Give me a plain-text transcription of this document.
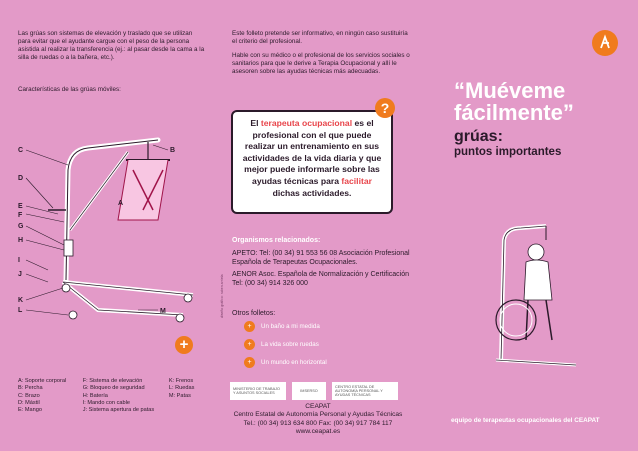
Las grúas son sistemas de elevación y traslado que se utilizan para evitar que el ayudante cargue con el peso de la persona asistida al realizar la transferencia (ej.: al pasar desde la cama a la silla de ruedas o a la bañera, etc.).
Características de las grúas móviles:
C	B
D
E
F
G
H
A
I
J
K
L	M
+
A: Soporte corporal
B: Percha
C: Brazo
D: Mástil
E: Mango
F: Sistema de elevación
G: Bloqueo de seguridad
H: Batería
I: Mando con cable
J: Sistema apertura de patas
K: Frenos
L: Ruedas
M: Patas
Este folleto pretende ser informativo, en ningún caso sustituiría el criterio del profesional.
Hable con su médico o el profesional de los servicios sociales o sanitarios para que le derive a Terapia Ocupacional y allí le asesoren sobre las ayudas técnicas más adecuadas.
?
El terapeuta ocupacional es el profesional con el que puede realizar un entrenamiento en sus actividades de la vida diaria y que mejor puede informarle sobre las ayudas técnicas para facilitar dichas actividades.
Organismos relacionados:

APETO: Tel: (00 34) 91 553 56 08 Asociación Profesional Española de Terapeutas Ocupacionales.

AENOR Asoc. Española de Normalización y Certificación Tel: (00 34) 914 326 000

Otros folletos:
+	Un baño a mi medida
+	La vida sobre ruedas
+	Un mundo en horizontal
diseño gráfico: ruben arrieta
MINISTERIO DE TRABAJO Y ASUNTOS SOCIALES	IMSERSO
CENTRO ESTATAL DE AUTONOMÍA PERSONAL Y AYUDAS TÉCNICAS
CEAPAT
Centro Estatal de Autonomía Personal y Ayudas Técnicas
Tel.: (00 34) 913 634 800 Fax: (00 34) 917 784 117
www.ceapat.es
“Muéveme
fácilmente”
grúas:
puntos importantes
equipo de terapeutas ocupacionales del CEAPAT
